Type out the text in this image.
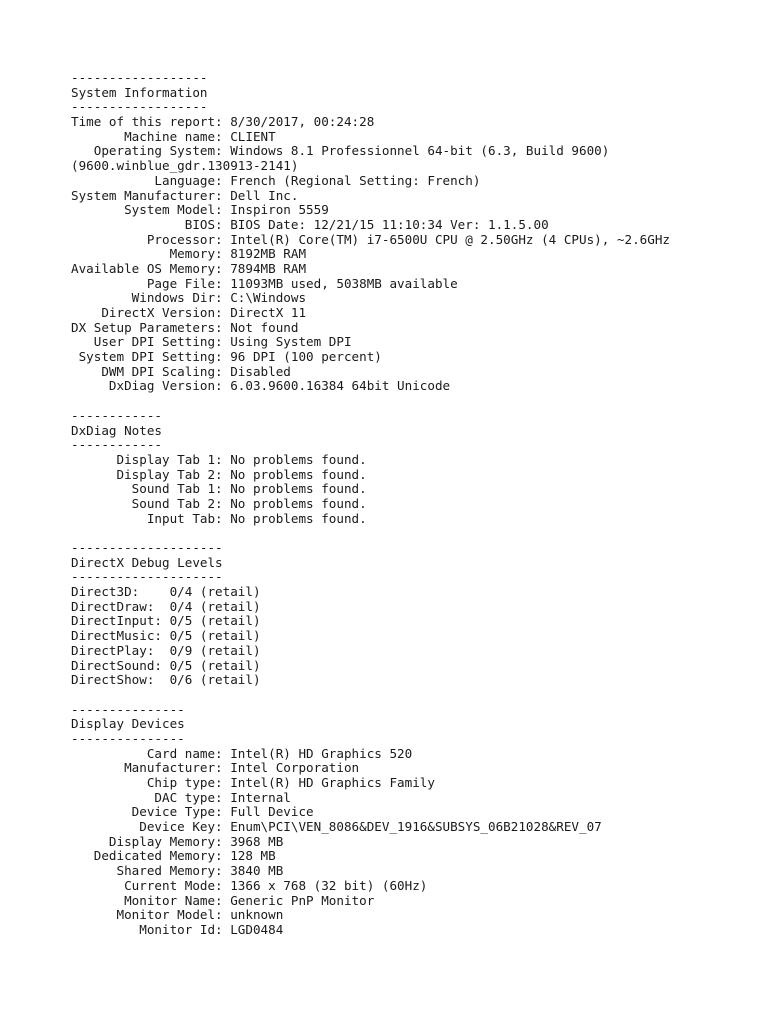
------------------
System Information
------------------
Time of this report: 8/30/2017, 00:24:28
Machine name: CLIENT
Operating System: Windows 8.1 Professionnel 64-bit (6.3, Build 9600)
(9600.winblue_gdr.130913-2141)
Language: French (Regional Setting: French)
System Manufacturer: Dell Inc.
System Model: Inspiron 5559
BIOS: BIOS Date: 12/21/15 11:10:34 Ver: 1.1.5.00
Processor: Intel(R) Core(TM) i7-6500U CPU @ 2.50GHz (4 CPUs), ~2.6GHz
Memory: 8192MB RAM
Available OS Memory: 7894MB RAM
Page File: 11093MB used, 5038MB available
Windows Dir: C:\Windows
DirectX Version: DirectX 11
DX Setup Parameters: Not found
User DPI Setting: Using System DPI
System DPI Setting: 96 DPI (100 percent)
DWM DPI Scaling: Disabled
DxDiag Version: 6.03.9600.16384 64bit Unicode
------------
DxDiag Notes
------------
Display Tab 1: No problems found.
Display Tab 2: No problems found.
Sound Tab 1: No problems found.
Sound Tab 2: No problems found.
Input Tab: No problems found.
--------------------
DirectX Debug Levels
--------------------
Direct3D:    0/4 (retail)
DirectDraw:  0/4 (retail)
DirectInput: 0/5 (retail)
DirectMusic: 0/5 (retail)
DirectPlay:  0/9 (retail)
DirectSound: 0/5 (retail)
DirectShow:  0/6 (retail)
---------------
Display Devices
---------------
Card name: Intel(R) HD Graphics 520
Manufacturer: Intel Corporation
Chip type: Intel(R) HD Graphics Family
DAC type: Internal
Device Type: Full Device
Device Key: Enum\PCI\VEN_8086&DEV_1916&SUBSYS_06B21028&REV_07
Display Memory: 3968 MB
Dedicated Memory: 128 MB
Shared Memory: 3840 MB
Current Mode: 1366 x 768 (32 bit) (60Hz)
Monitor Name: Generic PnP Monitor
Monitor Model: unknown
Monitor Id: LGD0484
